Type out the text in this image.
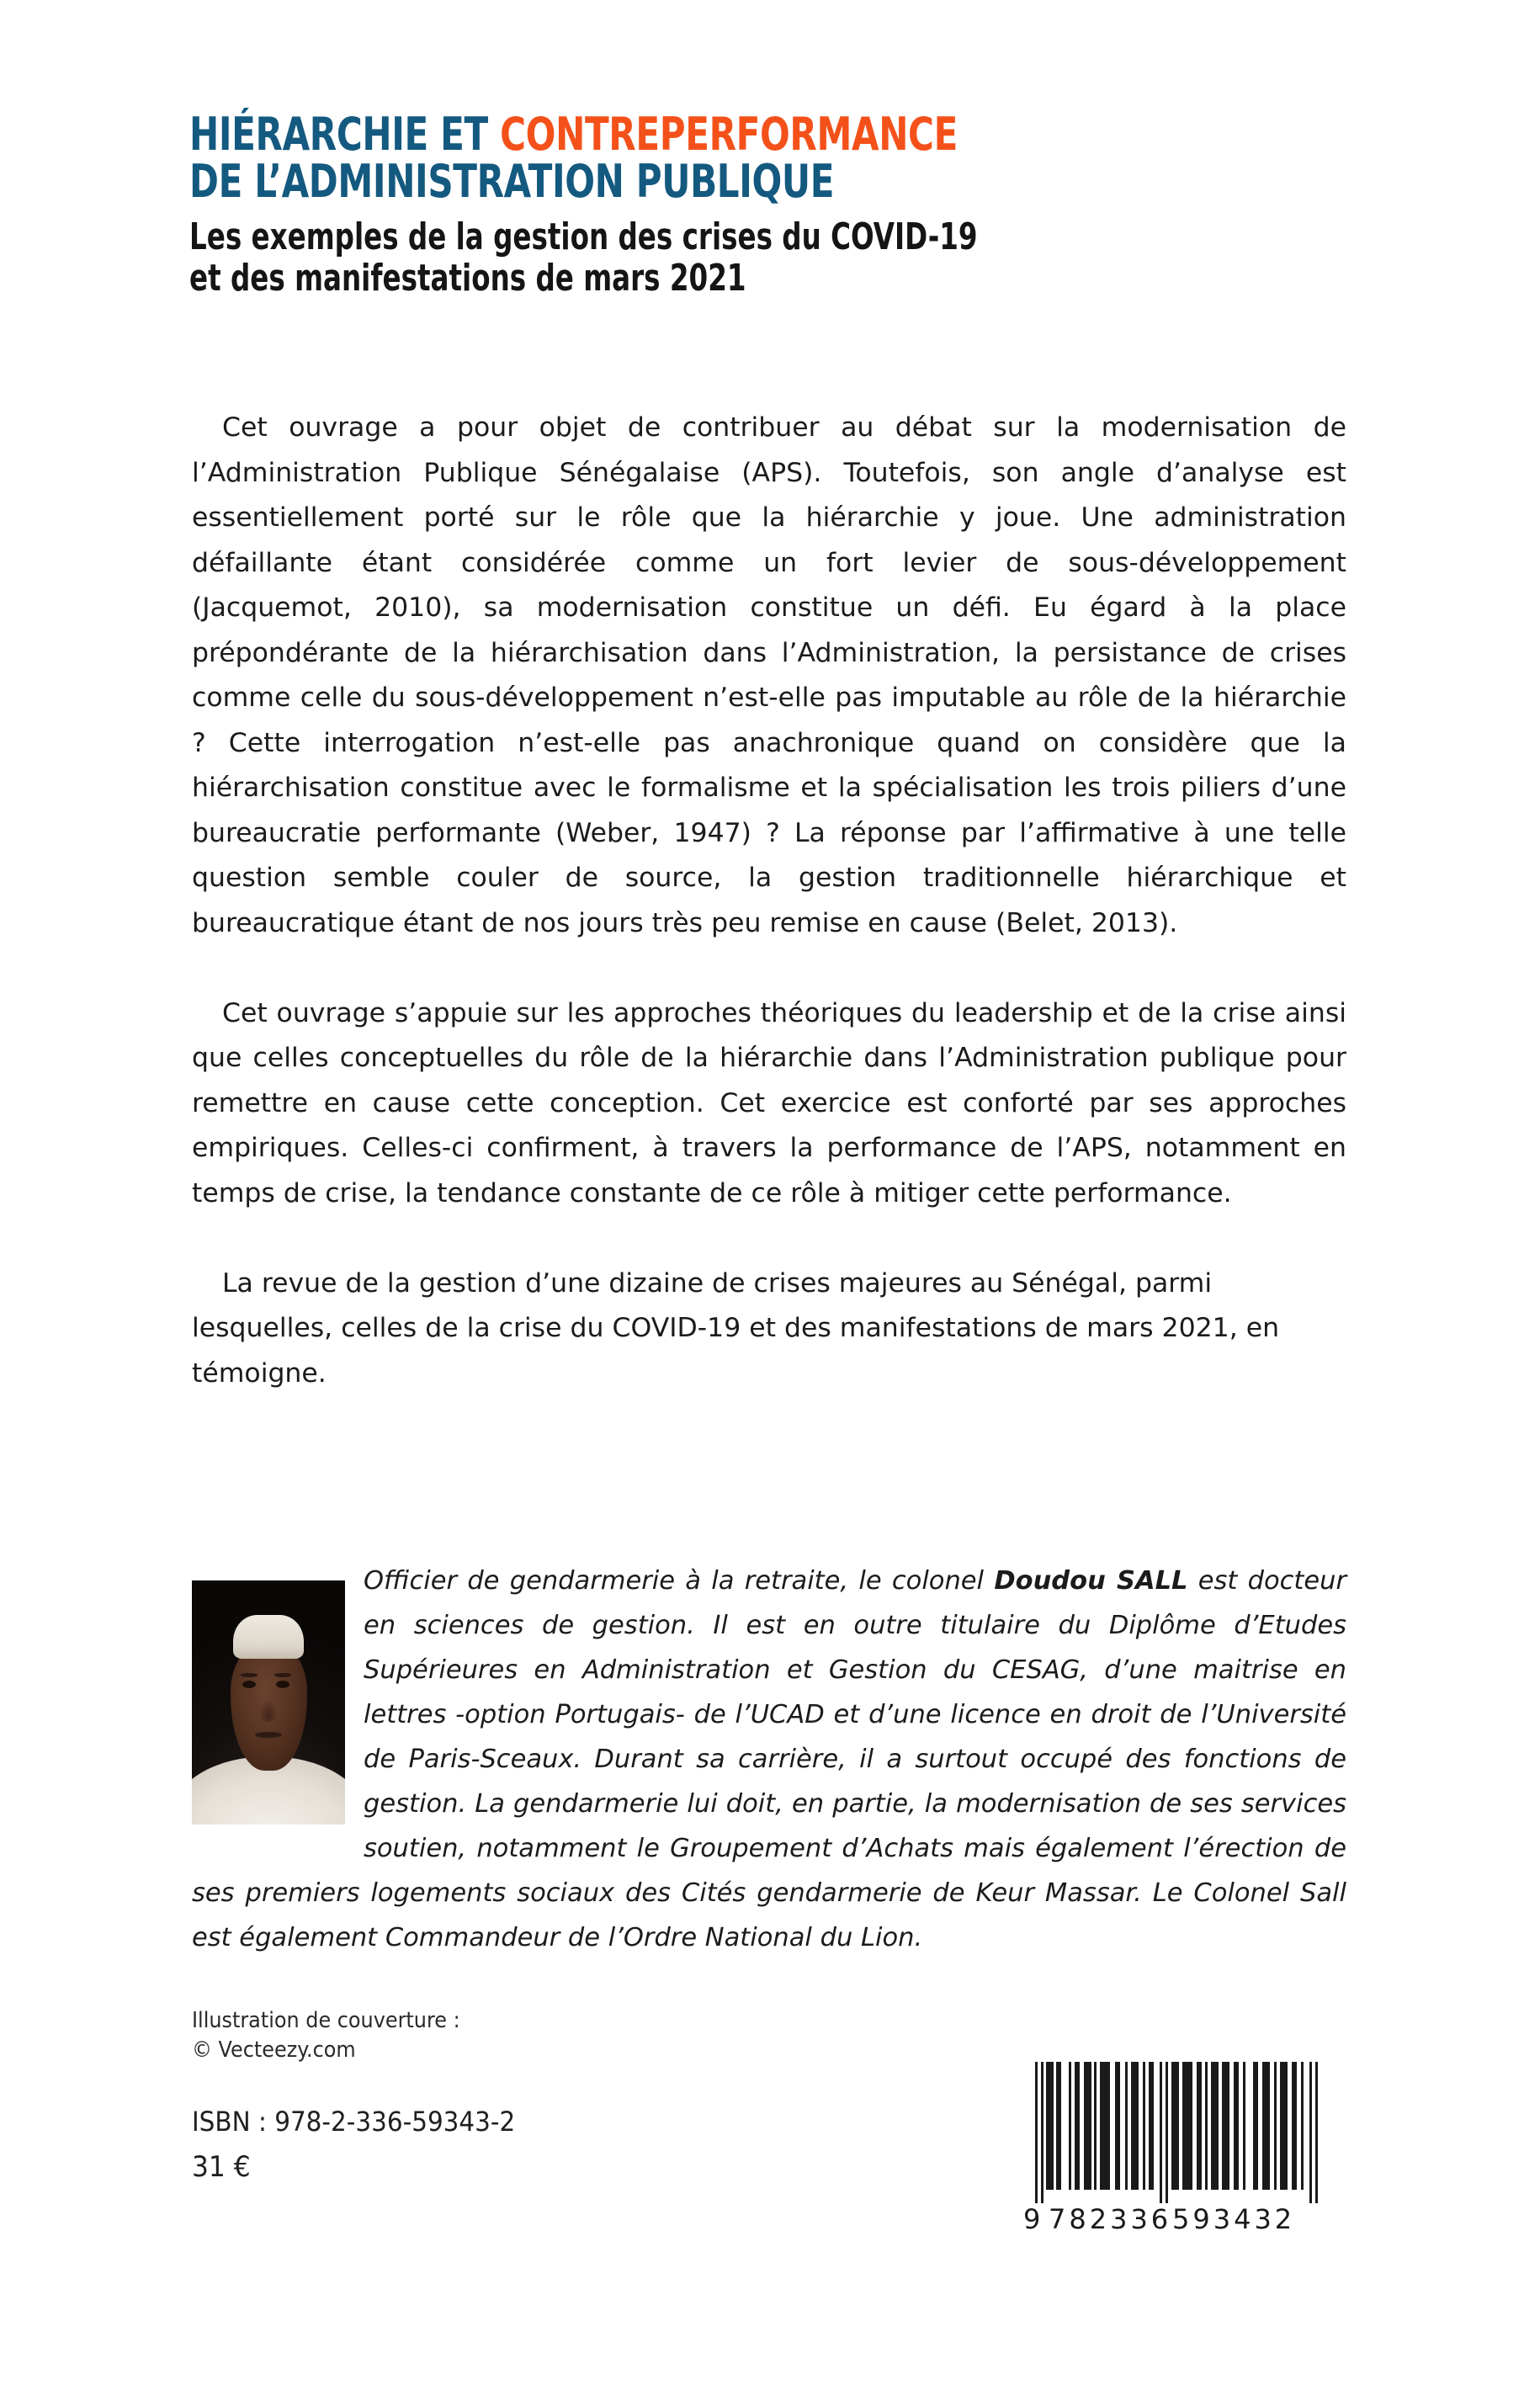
HIÉRARCHIE ET CONTREPERFORMANCE
DE L’ADMINISTRATION PUBLIQUE
Les exemples de la gestion des crises du COVID-19
et des manifestations de mars 2021

Cet ouvrage a pour objet de contribuer au débat sur la modernisation de l’Administration Publique Sénégalaise (APS). Toutefois, son angle d’analyse est essentiellement porté sur le rôle que la hiérarchie y joue. Une administration défaillante étant considérée comme un fort levier de sous-développement (Jacquemot, 2010), sa modernisation constitue un défi. Eu égard à la place prépondérante de la hiérarchisation dans l’Administration, la persistance de crises comme celle du sous-développement n’est-elle pas imputable au rôle de la hiérarchie ? Cette interrogation n’est-elle pas anachronique quand on considère que la hiérarchisation constitue avec le formalisme et la spécialisation les trois piliers d’une bureaucratie performante (Weber, 1947) ? La réponse par l’affirmative à une telle question semble couler de source, la gestion traditionnelle hiérarchique et bureaucratique étant de nos jours très peu remise en cause (Belet, 2013).

Cet ouvrage s’appuie sur les approches théoriques du leadership et de la crise ainsi que celles conceptuelles du rôle de la hiérarchie dans l’Administration publique pour remettre en cause cette conception. Cet exercice est conforté par ses approches empiriques. Celles-ci confirment, à travers la performance de l’APS, notamment en temps de crise, la tendance constante de ce rôle à mitiger cette performance.

La revue de la gestion d’une dizaine de crises majeures au Sénégal, parmi lesquelles, celles de la crise du COVID-19 et des manifestations de mars 2021, en témoigne.

Officier de gendarmerie à la retraite, le colonel Doudou SALL est docteur en sciences de gestion. Il est en outre titulaire du Diplôme d’Etudes Supérieures en Administration et Gestion du CESAG, d’une maitrise en lettres -option Portugais- de l’UCAD et d’une licence en droit de l’Université de Paris-Sceaux. Durant sa carrière, il a surtout occupé des fonctions de gestion. La gendarmerie lui doit, en partie, la modernisation de ses services soutien, notamment le Groupement d’Achats mais également l’érection de ses premiers logements sociaux des Cités gendarmerie de Keur Massar. Le Colonel Sall est également Commandeur de l’Ordre National du Lion.

Illustration de couverture :
© Vecteezy.com
ISBN : 978-2-336-59343-2
31 €
9 782336 593432
